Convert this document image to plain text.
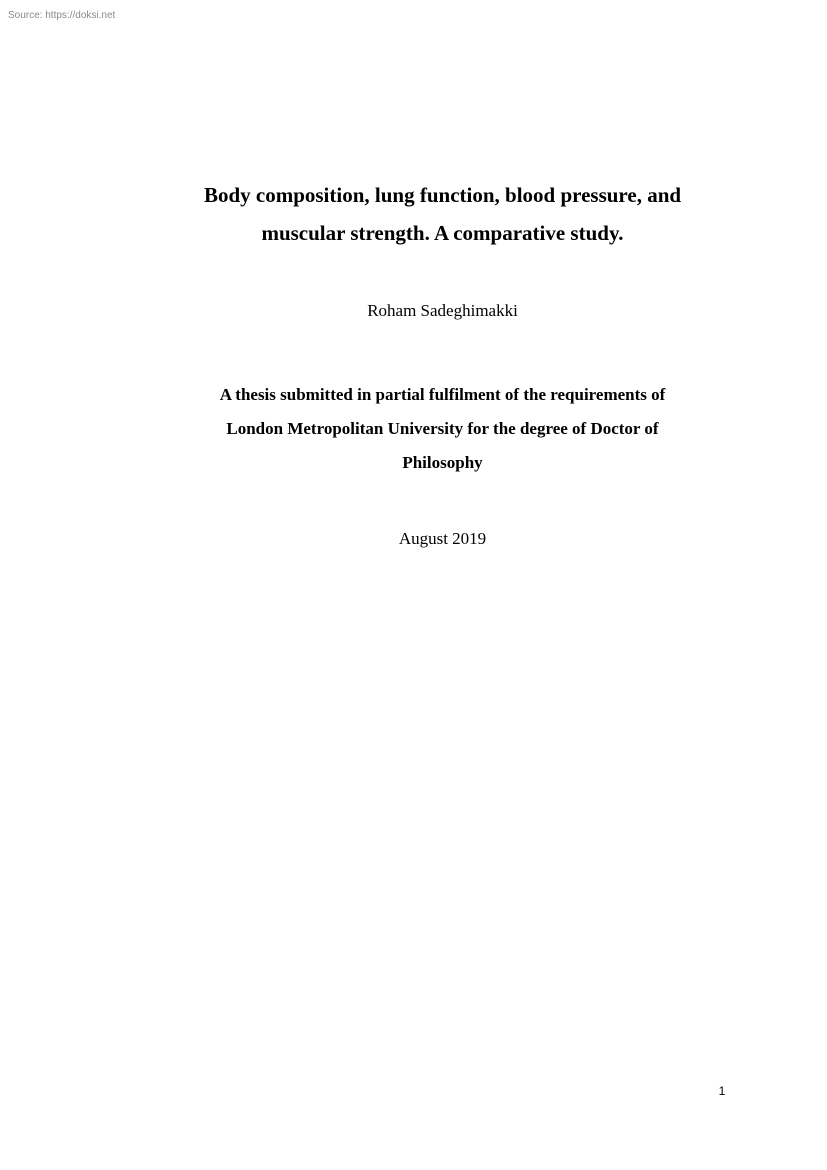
Source: https://doksi.net
Body composition, lung function, blood pressure, and
muscular strength. A comparative study.
Roham Sadeghimakki
A thesis submitted in partial fulfilment of the requirements of
London Metropolitan University for the degree of Doctor of
Philosophy
August 2019
1
